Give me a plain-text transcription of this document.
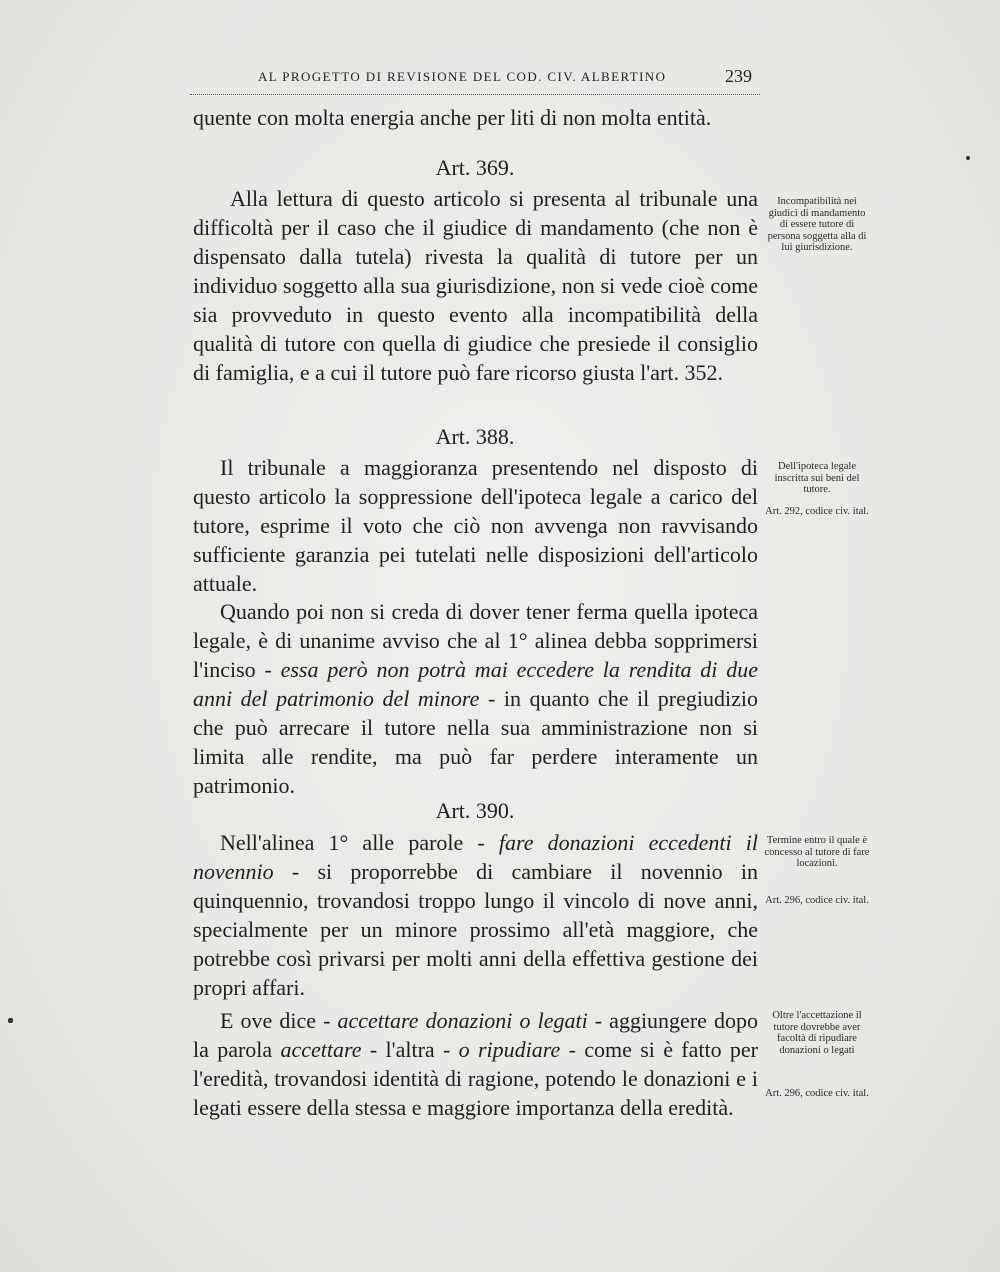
AL PROGETTO DI REVISIONE DEL COD. CIV. ALBERTINO	239
quente con molta energia anche per liti di non molta entità.
Art. 369.
Alla lettura di questo articolo si presenta al tribunale una difficoltà per il caso che il giudice di mandamento (che non è dispensato dalla tutela) rivesta la qualità di tutore per un individuo soggetto alla sua giurisdizione, non si vede cioè come sia provveduto in questo evento alla incompatibilità della qualità di tutore con quella di giudice che presiede il consiglio di famiglia, e a cui il tutore può fare ricorso giusta l'art. 352.
Art. 388.
Il tribunale a maggioranza presentendo nel disposto di questo articolo la soppressione dell'ipoteca legale a carico del tutore, esprime il voto che ciò non avvenga non ravvisando sufficiente garanzia pei tutelati nelle disposizioni dell'articolo attuale.
Quando poi non si creda di dover tener ferma quella ipoteca legale, è di unanime avviso che al 1° alinea debba sopprimersi l'inciso - essa però non potrà mai eccedere la rendita di due anni del patrimonio del minore - in quanto che il pregiudizio che può arrecare il tutore nella sua amministrazione non si limita alle rendite, ma può far perdere interamente un patrimonio.
Art. 390.
Nell'alinea 1° alle parole - fare donazioni eccedenti il novennio - si proporrebbe di cambiare il novennio in quinquennio, trovandosi troppo lungo il vincolo di nove anni, specialmente per un minore prossimo all'età maggiore, che potrebbe così privarsi per molti anni della effettiva gestione dei propri affari.
E ove dice - accettare donazioni o legati - aggiungere dopo la parola accettare - l'altra - o ripudiare - come si è fatto per l'eredità, trovandosi identità di ragione, potendo le donazioni e i legati essere della stessa e maggiore importanza della eredità.
Incompatibilità nei giudici di mandamento di essere tutore di persona soggetta alla di lui giurisdizione.
Dell'ipoteca legale inscritta sui beni del tutore.
Art. 292, codice civ. ital.
Termine entro il quale è concesso al tutore di fare locazioni.
Art. 296, codice civ. ital.
Oltre l'accettazione il tutore dovrebbe aver facoltà di ripudiare donazioni o legati
Art. 296, codice civ. ital.
